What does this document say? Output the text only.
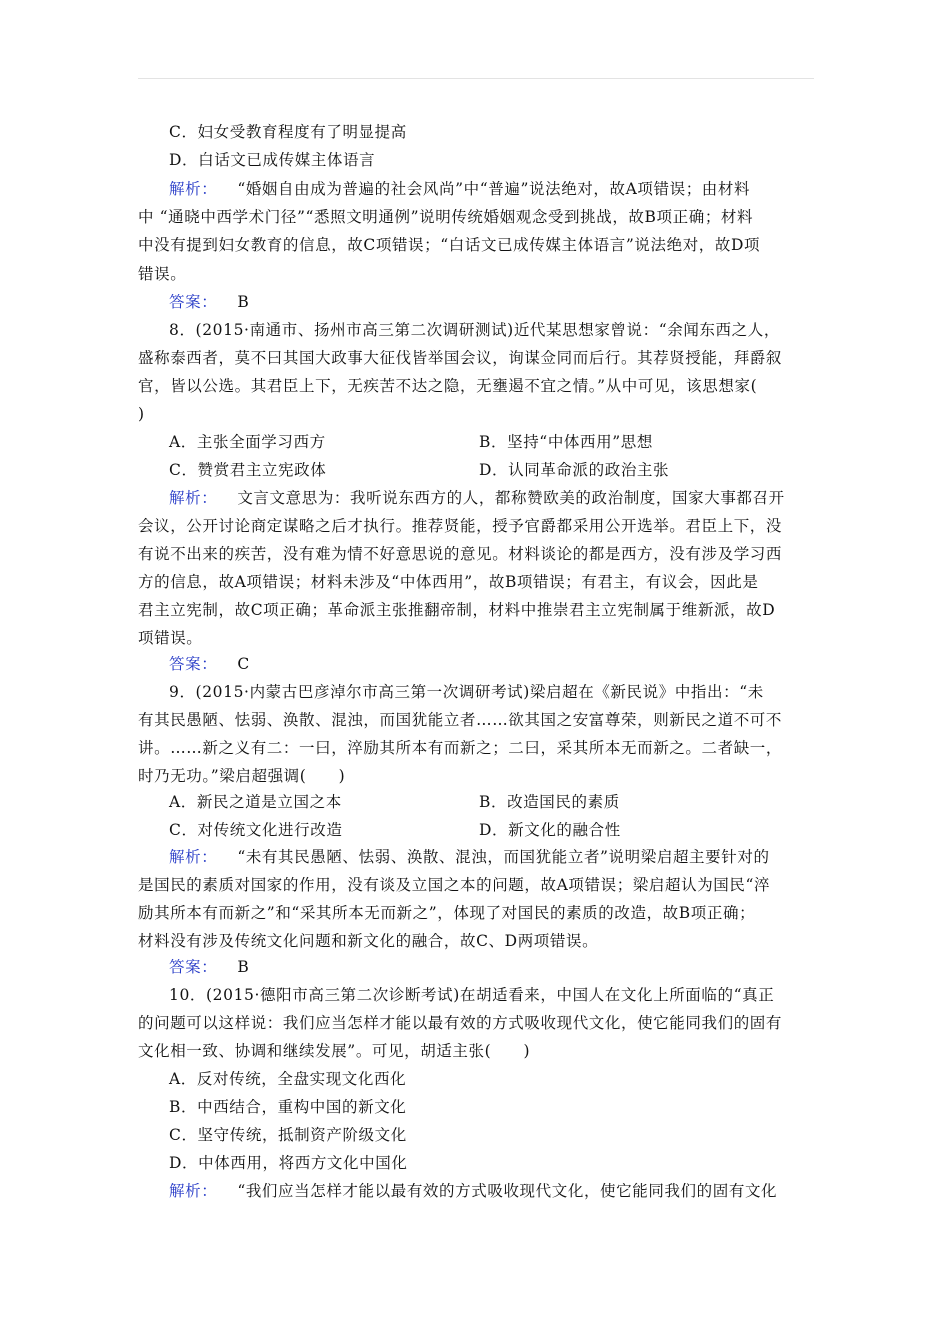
C．妇女受教育程度有了明显提高
D．白话文已成传媒主体语言
解析： “婚姻自由成为普遍的社会风尚”中“普遍”说法绝对，故A项错误；由材料
中 “通晓中西学术门径”“悉照文明通例”说明传统婚姻观念受到挑战，故B项正确；材料
中没有提到妇女教育的信息，故C项错误；“白话文已成传媒主体语言”说法绝对，故D项
错误。
答案： B
8．(2015·南通市、扬州市高三第二次调研测试)近代某思想家曾说：“余闻东西之人，
盛称泰西者，莫不曰其国大政事大征伐皆举国会议，询谋佥同而后行。其荐贤授能，拜爵叙
官，皆以公选。其君臣上下，无疾苦不达之隐，无壅遏不宜之情。”从中可见，该思想家(
)
A．主张全面学习西方	B．坚持“中体西用”思想
C．赞赏君主立宪政体	D．认同革命派的政治主张
解析： 文言文意思为：我听说东西方的人，都称赞欧美的政治制度，国家大事都召开
会议，公开讨论商定谋略之后才执行。推荐贤能，授予官爵都采用公开选举。君臣上下，没
有说不出来的疾苦，没有难为情不好意思说的意见。材料谈论的都是西方，没有涉及学习西
方的信息，故A项错误；材料未涉及“中体西用”，故B项错误；有君主，有议会，因此是
君主立宪制，故C项正确；革命派主张推翻帝制，材料中推崇君主立宪制属于维新派，故D
项错误。
答案： C
9．(2015·内蒙古巴彦淖尔市高三第一次调研考试)梁启超在《新民说》中指出：“未
有其民愚陋、怯弱、涣散、混浊，而国犹能立者……欲其国之安富尊荣，则新民之道不可不
讲。……新之义有二：一曰，淬励其所本有而新之；二曰，采其所本无而新之。二者缺一，
时乃无功。”梁启超强调(　　)
A．新民之道是立国之本	B．改造国民的素质
C．对传统文化进行改造	D．新文化的融合性
解析： “未有其民愚陋、怯弱、涣散、混浊，而国犹能立者”说明梁启超主要针对的
是国民的素质对国家的作用，没有谈及立国之本的问题，故A项错误；梁启超认为国民“淬
励其所本有而新之”和“采其所本无而新之”，体现了对国民的素质的改造，故B项正确；
材料没有涉及传统文化问题和新文化的融合，故C、D两项错误。
答案： B
10．(2015·德阳市高三第二次诊断考试)在胡适看来，中国人在文化上所面临的“真正
的问题可以这样说：我们应当怎样才能以最有效的方式吸收现代文化，使它能同我们的固有
文化相一致、协调和继续发展”。可见，胡适主张(　　)
A．反对传统，全盘实现文化西化
B．中西结合，重构中国的新文化
C．坚守传统，抵制资产阶级文化
D．中体西用，将西方文化中国化
解析： “我们应当怎样才能以最有效的方式吸收现代文化，使它能同我们的固有文化
